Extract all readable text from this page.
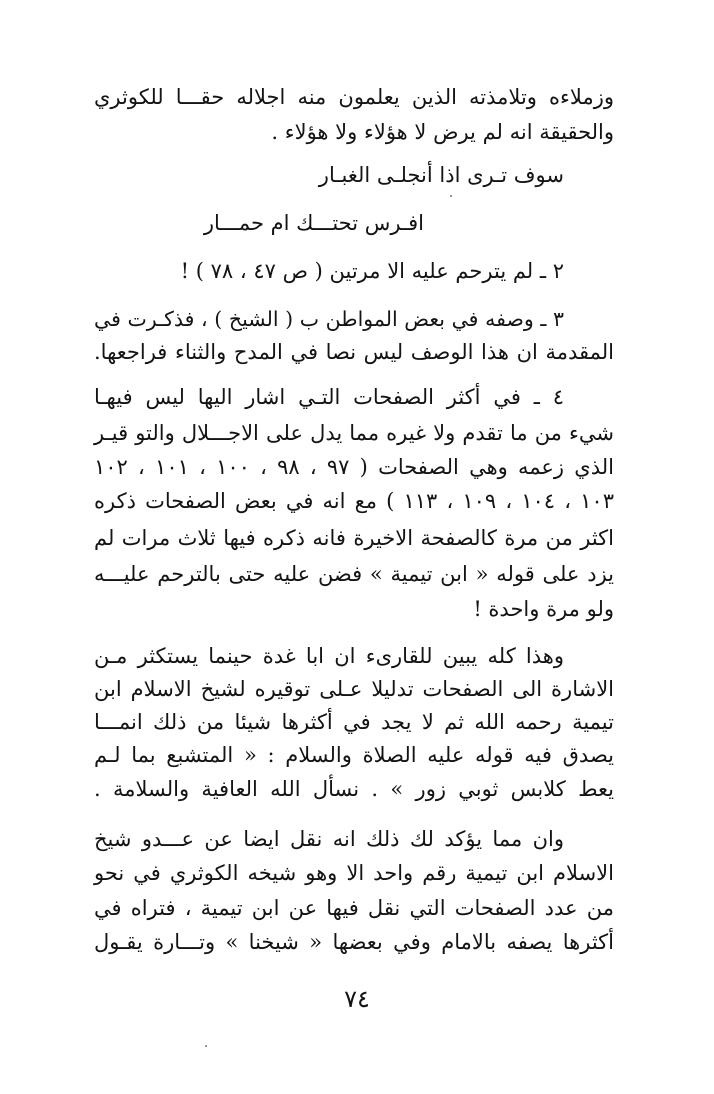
وزملاءه وتلامذته الذين يعلمون منه اجلاله حقـــا للكوثري
والحقيقة انه لم يرض لا هؤلاء ولا هؤلاء .
سوف تـرى اذا أنجلـى الغبـار
افـرس تحتـــك ام حمـــار
٢ ـ لم يترحم عليه الا مرتين ( ص ٤٧ ، ٧٨ ) !
٣ ـ وصفه في بعض المواطن ب ( الشيخ ) ، فذكـرت في
المقدمة ان هذا الوصف ليس نصا في المدح والثناء فراجعها.
٤ ـ في أكثر الصفحات التـي اشار اليها ليس فيهـا
شيء من ما تقدم ولا غيره مما يدل على الاجـــلال والتو قيـر
الذي زعمه وهي الصفحات ( ٩٧ ، ٩٨ ، ١٠٠ ، ١٠١ ، ١٠٢
١٠٣ ، ١٠٤ ، ١٠٩ ، ١١٣ ) مع انه في بعض الصفحات ذكره
اكثر من مرة كالصفحة الاخيرة فانه ذكره فيها ثلاث مرات لم
يزد على قوله « ابن تيمية » فضن عليه حتى بالترحم عليـــه
ولو مرة واحدة !
وهذا كله يبين للقارىء ان ابا غدة حينما يستكثر مـن
الاشارة الى الصفحات تدليلا عـلى توقيره لشيخ الاسلام ابن
تيمية رحمه الله ثم لا يجد في أكثرها شيئا من ذلك انمـــا
يصدق فيه قوله عليه الصلاة والسلام : « المتشبع بما لـم
يعط كلابس ثوبي زور » . نسأل الله العافية والسلامة .
وان مما يؤكد لك ذلك انه نقل ايضا عن عـــدو شيخ
الاسلام ابن تيمية رقم واحد الا وهو شيخه الكوثري في نحو
من عدد الصفحات التي نقل فيها عن ابن تيمية ، فتراه في
أكثرها يصفه بالامام وفي بعضها « شيخنا » وتـــارة يقـول
٧٤
